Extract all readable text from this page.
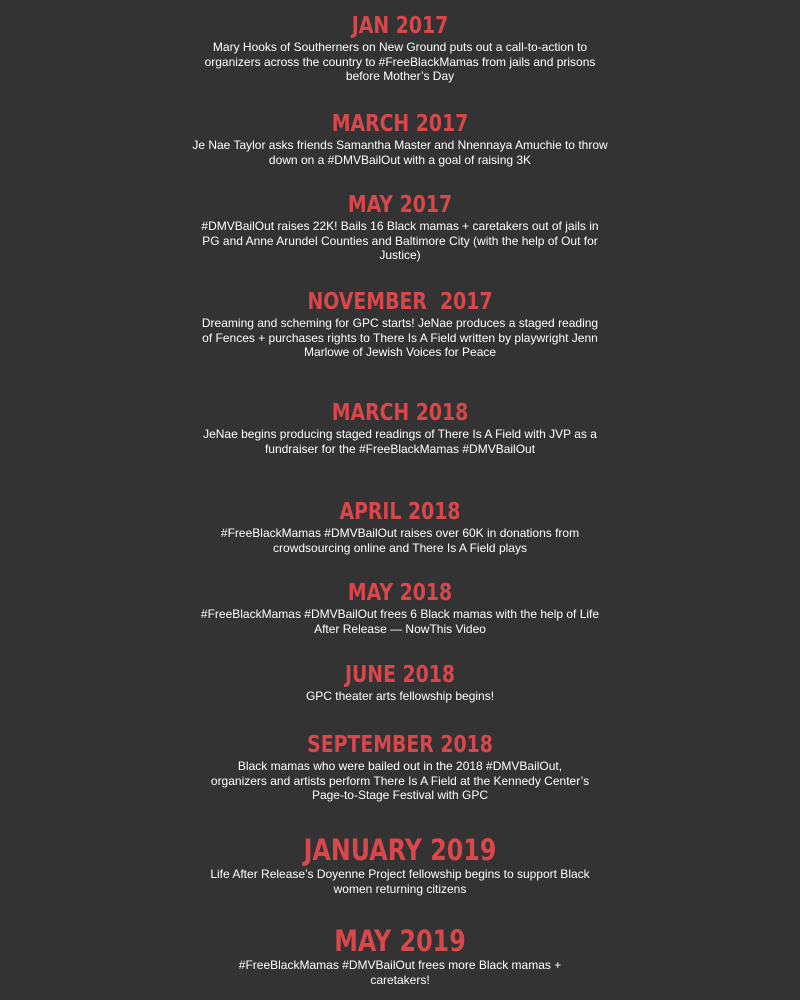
JAN 2017
Mary Hooks of Southerners on New Ground puts out a call-to-action to organizers across the country to #FreeBlackMamas from jails and prisons before Mother’s Day
MARCH 2017
Je Nae Taylor asks friends Samantha Master and Nnennaya Amuchie to throw down on a #DMVBailOut with a goal of raising 3K
MAY 2017
#DMVBailOut raises 22K! Bails 16 Black mamas + caretakers out of jails in PG and Anne Arundel Counties and Baltimore City (with the help of Out for Justice)
NOVEMBER  2017
Dreaming and scheming for GPC starts! JeNae produces a staged reading of Fences + purchases rights to There Is A Field written by playwright Jenn Marlowe of Jewish Voices for Peace
MARCH 2018
JeNae begins producing staged readings of There Is A Field with JVP as a fundraiser for the #FreeBlackMamas #DMVBailOut
APRIL 2018
#FreeBlackMamas #DMVBailOut raises over 60K in donations from crowdsourcing online and There Is A Field plays
MAY 2018
#FreeBlackMamas #DMVBailOut frees 6 Black mamas with the help of Life After Release — NowThis Video
JUNE 2018
GPC theater arts fellowship begins!
SEPTEMBER 2018
Black mamas who were bailed out in the 2018 #DMVBailOut, organizers and artists perform There Is A Field at the Kennedy Center’s Page-to-Stage Festival with GPC
JANUARY 2019
Life After Release’s Doyenne Project fellowship begins to support Black women returning citizens
MAY 2019
#FreeBlackMamas #DMVBailOut frees more Black mamas + caretakers!
